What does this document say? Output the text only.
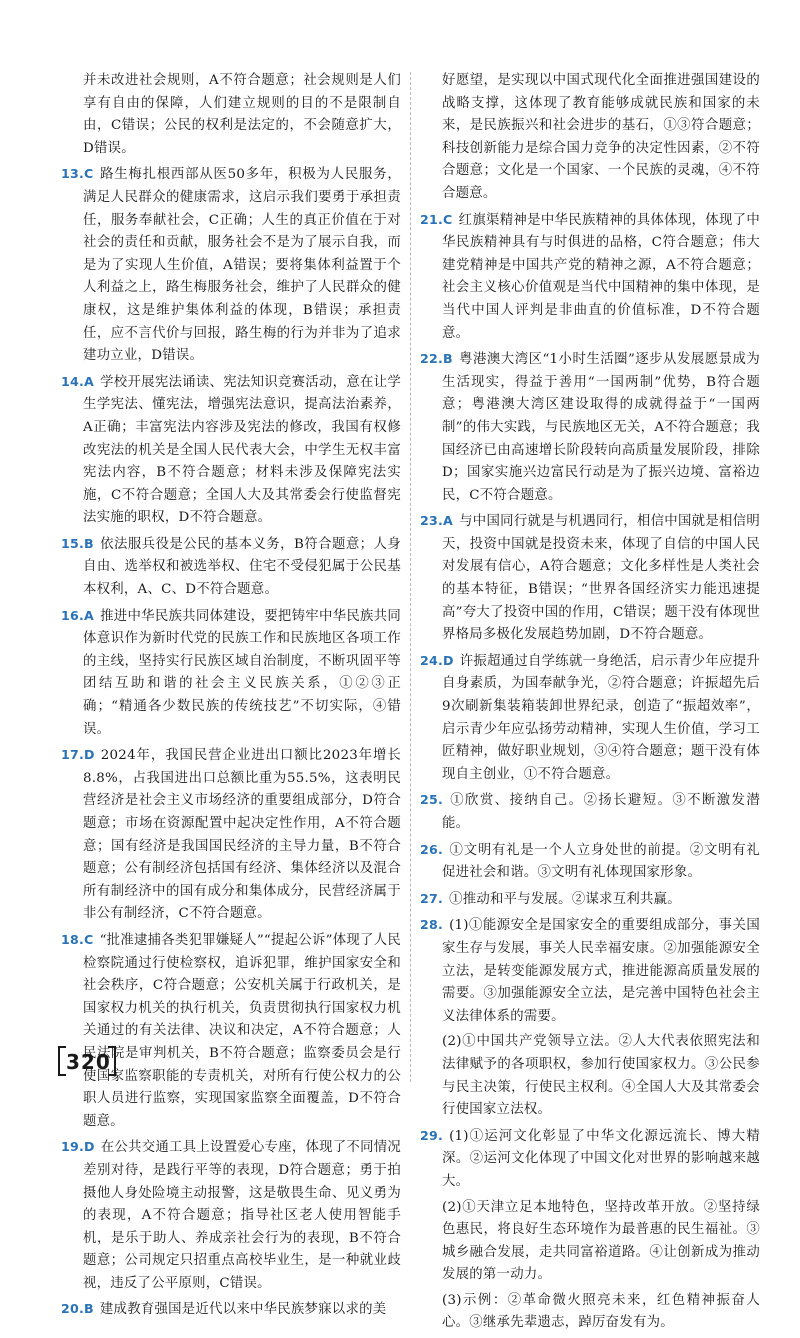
并未改进社会规则，A不符合题意；社会规则是人们享有自由的保障，人们建立规则的目的不是限制自由，C错误；公民的权利是法定的，不会随意扩大，D错误。
13.C 路生梅扎根西部从医50多年，积极为人民服务，满足人民群众的健康需求，这启示我们要勇于承担责任，服务奉献社会，C正确；人生的真正价值在于对社会的责任和贡献，服务社会不是为了展示自我，而是为了实现人生价值，A错误；要将集体利益置于个人利益之上，路生梅服务社会，维护了人民群众的健康权，这是维护集体利益的体现，B错误；承担责任，应不言代价与回报，路生梅的行为并非为了追求建功立业，D错误。
14.A 学校开展宪法诵读、宪法知识竞赛活动，意在让学生学宪法、懂宪法，增强宪法意识，提高法治素养，A正确；丰富宪法内容涉及宪法的修改，我国有权修改宪法的机关是全国人民代表大会，中学生无权丰富宪法内容，B不符合题意；材料未涉及保障宪法实施，C不符合题意；全国人大及其常委会行使监督宪法实施的职权，D不符合题意。
15.B 依法服兵役是公民的基本义务，B符合题意；人身自由、选举权和被选举权、住宅不受侵犯属于公民基本权利，A、C、D不符合题意。
16.A 推进中华民族共同体建设，要把铸牢中华民族共同体意识作为新时代党的民族工作和民族地区各项工作的主线，坚持实行民族区域自治制度，不断巩固平等团结互助和谐的社会主义民族关系，①②③正确；“精通各少数民族的传统技艺”不切实际，④错误。
17.D 2024年，我国民营企业进出口额比2023年增长8.8%，占我国进出口总额比重为55.5%，这表明民营经济是社会主义市场经济的重要组成部分，D符合题意；市场在资源配置中起决定性作用，A不符合题意；国有经济是我国国民经济的主导力量，B不符合题意；公有制经济包括国有经济、集体经济以及混合所有制经济中的国有成分和集体成分，民营经济属于非公有制经济，C不符合题意。
18.C “批准逮捕各类犯罪嫌疑人”“提起公诉”体现了人民检察院通过行使检察权，追诉犯罪，维护国家安全和社会秩序，C符合题意；公安机关属于行政机关，是国家权力机关的执行机关，负责贯彻执行国家权力机关通过的有关法律、决议和决定，A不符合题意；人民法院是审判机关，B不符合题意；监察委员会是行使国家监察职能的专责机关，对所有行使公权力的公职人员进行监察，实现国家监察全面覆盖，D不符合题意。
19.D 在公共交通工具上设置爱心专座，体现了不同情况差别对待，是践行平等的表现，D符合题意；勇于拍摄他人身处险境主动报警，这是敬畏生命、见义勇为的表现，A不符合题意；指导社区老人使用智能手机，是乐于助人、养成亲社会行为的表现，B不符合题意；公司规定只招重点高校毕业生，是一种就业歧视，违反了公平原则，C错误。
20.B 建成教育强国是近代以来中华民族梦寐以求的美
好愿望，是实现以中国式现代化全面推进强国建设的战略支撑，这体现了教育能够成就民族和国家的未来，是民族振兴和社会进步的基石，①③符合题意；科技创新能力是综合国力竞争的决定性因素，②不符合题意；文化是一个国家、一个民族的灵魂，④不符合题意。
21.C 红旗渠精神是中华民族精神的具体体现，体现了中华民族精神具有与时俱进的品格，C符合题意；伟大建党精神是中国共产党的精神之源，A不符合题意；社会主义核心价值观是当代中国精神的集中体现，是当代中国人评判是非曲直的价值标准，D不符合题意。
22.B 粤港澳大湾区“1小时生活圈”逐步从发展愿景成为生活现实，得益于善用“一国两制”优势，B符合题意；粤港澳大湾区建设取得的成就得益于“一国两制”的伟大实践，与民族地区无关，A不符合题意；我国经济已由高速增长阶段转向高质量发展阶段，排除D；国家实施兴边富民行动是为了振兴边境、富裕边民，C不符合题意。
23.A 与中国同行就是与机遇同行，相信中国就是相信明天，投资中国就是投资未来，体现了自信的中国人民对发展有信心，A符合题意；文化多样性是人类社会的基本特征，B错误；“世界各国经济实力能迅速提高”夸大了投资中国的作用，C错误；题干没有体现世界格局多极化发展趋势加剧，D不符合题意。
24.D 许振超通过自学练就一身绝活，启示青少年应提升自身素质，为国奉献争光，②符合题意；许振超先后9次刷新集装箱装卸世界纪录，创造了“振超效率”，启示青少年应弘扬劳动精神，实现人生价值，学习工匠精神，做好职业规划，③④符合题意；题干没有体现自主创业，①不符合题意。
25. ①欣赏、接纳自己。②扬长避短。③不断激发潜能。
26. ①文明有礼是一个人立身处世的前提。②文明有礼促进社会和谐。③文明有礼体现国家形象。
27. ①推动和平与发展。②谋求互利共赢。
28. (1)①能源安全是国家安全的重要组成部分，事关国家生存与发展，事关人民幸福安康。②加强能源安全立法，是转变能源发展方式，推进能源高质量发展的需要。③加强能源安全立法，是完善中国特色社会主义法律体系的需要。
(2)①中国共产党领导立法。②人大代表依照宪法和法律赋予的各项职权，参加行使国家权力。③公民参与民主决策，行使民主权利。④全国人大及其常委会行使国家立法权。
29. (1)①运河文化彰显了中华文化源远流长、博大精深。②运河文化体现了中国文化对世界的影响越来越大。
(2)①天津立足本地特色，坚持改革开放。②坚持绿色惠民，将良好生态环境作为最普惠的民生福祉。③城乡融合发展，走共同富裕道路。④让创新成为推动发展的第一动力。
(3)示例：②革命微火照亮未来，红色精神振奋人心。③继承先辈遗志，踔厉奋发有为。
320
